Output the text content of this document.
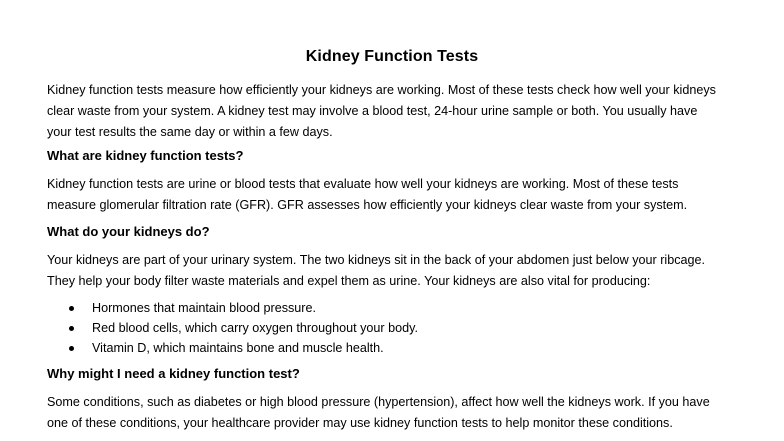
Kidney Function Tests

Kidney function tests measure how efficiently your kidneys are working. Most of these tests check how well your kidneys
clear waste from your system. A kidney test may involve a blood test, 24-hour urine sample or both. You usually have
your test results the same day or within a few days.

What are kidney function tests?

Kidney function tests are urine or blood tests that evaluate how well your kidneys are working. Most of these tests
measure glomerular filtration rate (GFR). GFR assesses how efficiently your kidneys clear waste from your system.

What do your kidneys do?

Your kidneys are part of your urinary system. The two kidneys sit in the back of your abdomen just below your ribcage.
They help your body filter waste materials and expel them as urine. Your kidneys are also vital for producing:

Hormones that maintain blood pressure.
Red blood cells, which carry oxygen throughout your body.
Vitamin D, which maintains bone and muscle health.
Why might I need a kidney function test?

Some conditions, such as diabetes or high blood pressure (hypertension), affect how well the kidneys work. If you have
one of these conditions, your healthcare provider may use kidney function tests to help monitor these conditions.
